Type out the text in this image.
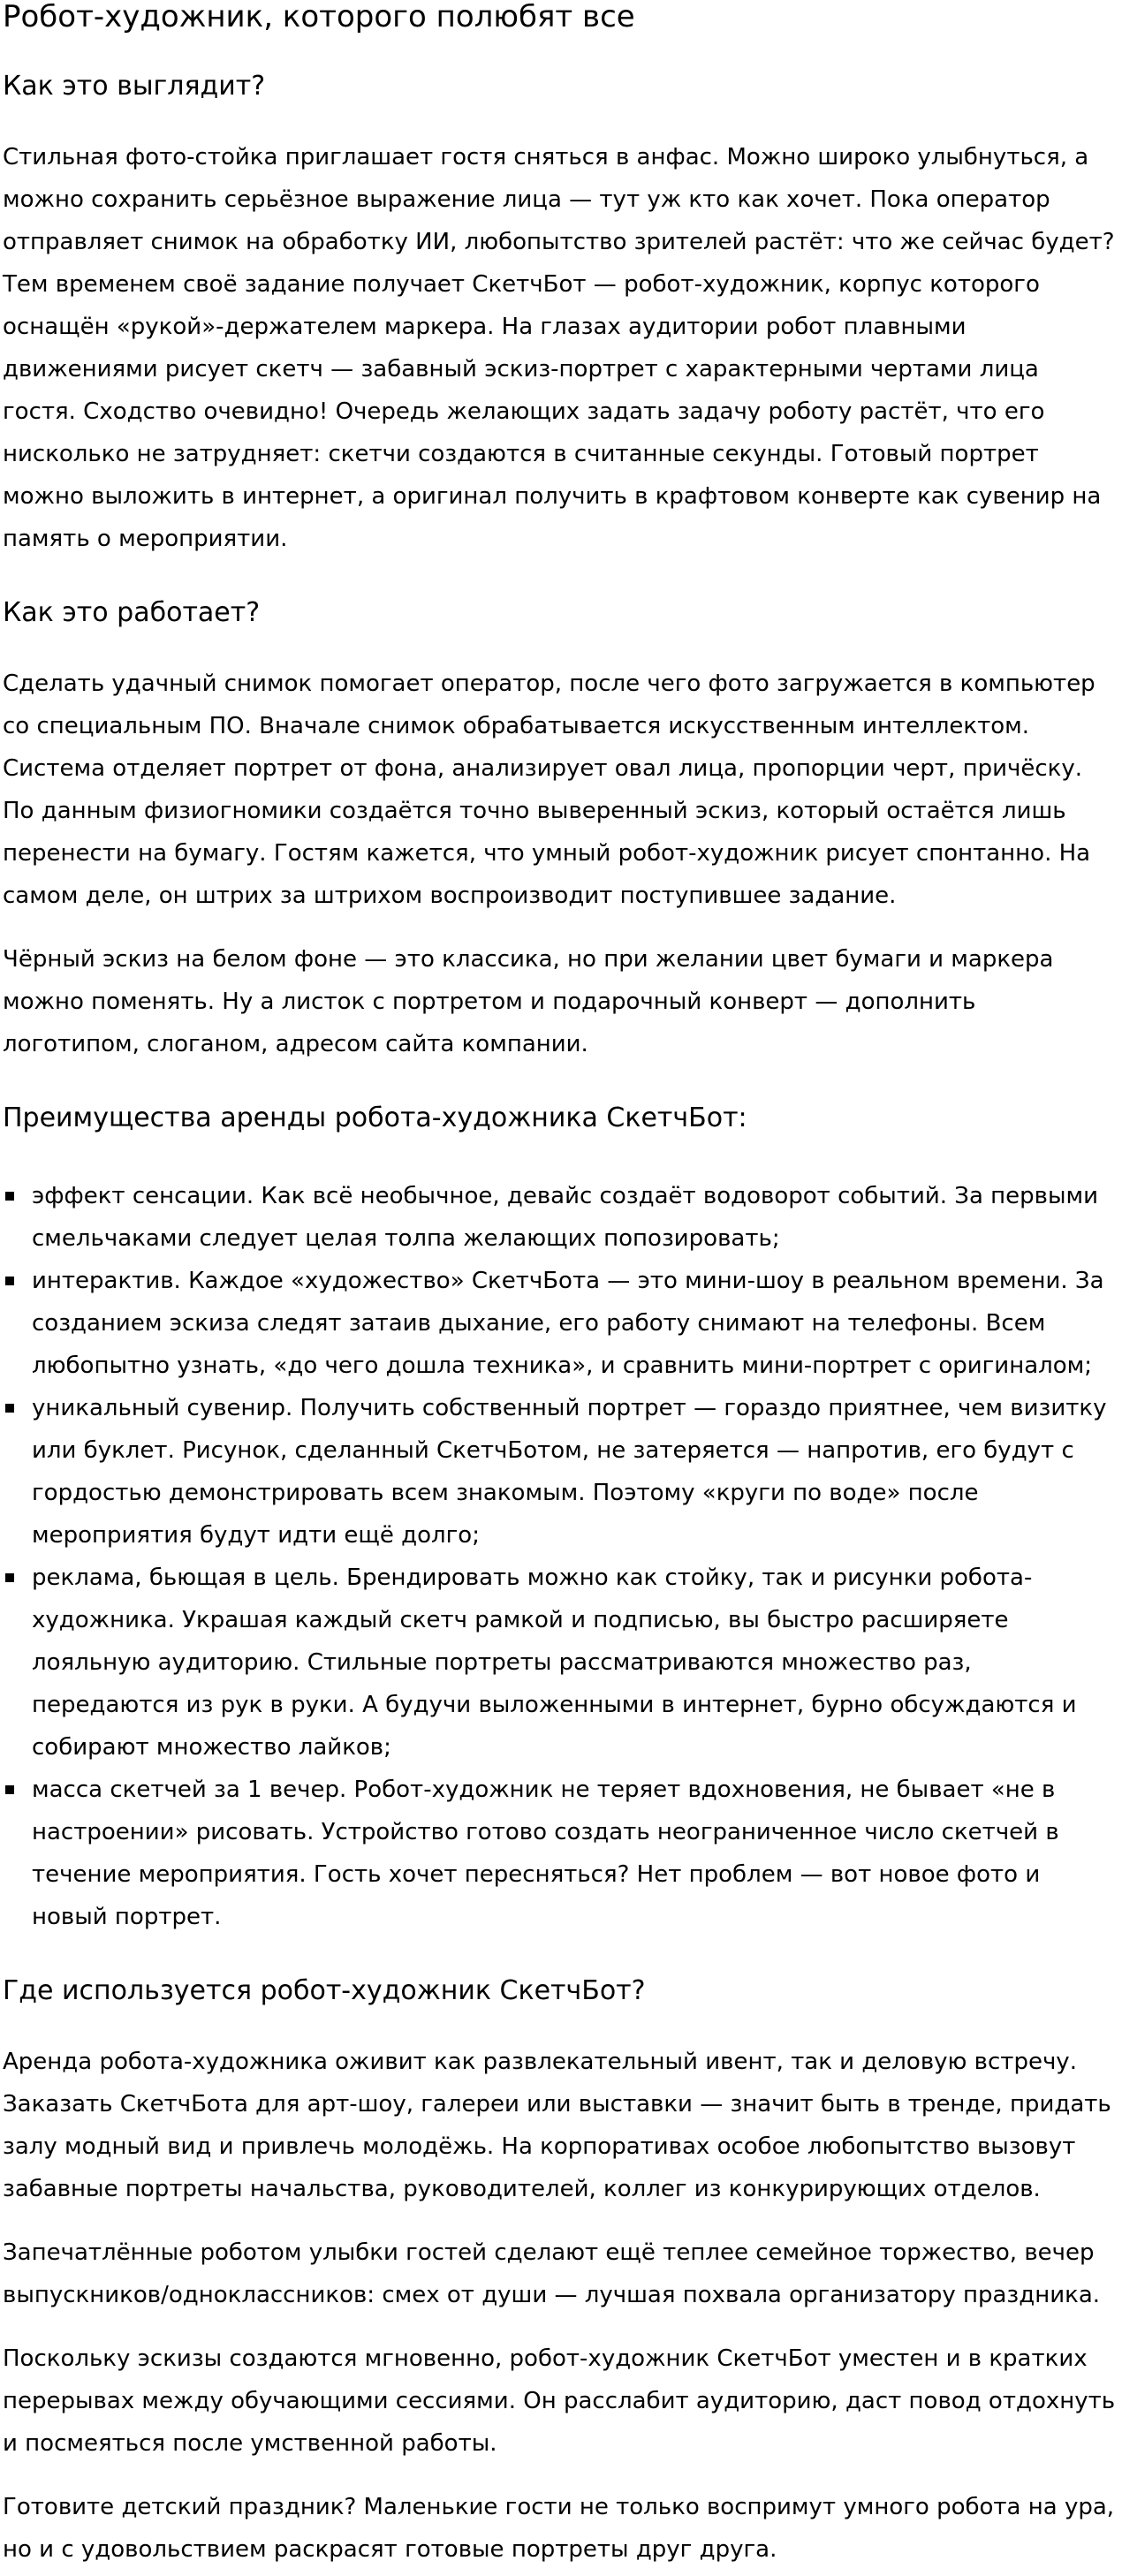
Робот-художник, которого полюбят все
Как это выглядит?

Стильная фото-стойка приглашает гостя сняться в анфас. Можно широко улыбнуться, а можно сохранить серьёзное выражение лица — тут уж кто как хочет. Пока оператор отправляет снимок на обработку ИИ, любопытство зрителей растёт: что же сейчас будет? Тем временем своё задание получает СкетчБот — робот-художник, корпус которого оснащён «рукой»-держателем маркера. На глазах аудитории робот плавными движениями рисует скетч — забавный эскиз-портрет с характерными чертами лица гостя. Сходство очевидно! Очередь желающих задать задачу роботу растёт, что его нисколько не затрудняет: скетчи создаются в считанные секунды. Готовый портрет можно выложить в интернет, а оригинал получить в крафтовом конверте как сувенир на память о мероприятии.

Как это работает?

Сделать удачный снимок помогает оператор, после чего фото загружается в компьютер со специальным ПО. Вначале снимок обрабатывается искусственным интеллектом. Система отделяет портрет от фона, анализирует овал лица, пропорции черт, причёску. По данным физиогномики создаётся точно выверенный эскиз, который остаётся лишь перенести на бумагу. Гостям кажется, что умный робот-художник рисует спонтанно. На самом деле, он штрих за штрихом воспроизводит поступившее задание.

Чёрный эскиз на белом фоне — это классика, но при желании цвет бумаги и маркера можно поменять. Ну а листок с портретом и подарочный конверт — дополнить логотипом, слоганом, адресом сайта компании.

Преимущества аренды робота-художника СкетчБот:
эффект сенсации. Как всё необычное, девайс создаёт водоворот событий. За первыми смельчаками следует целая толпа желающих попозировать;
интерактив. Каждое «художество» СкетчБота — это мини-шоу в реальном времени. За созданием эскиза следят затаив дыхание, его работу снимают на телефоны. Всем любопытно узнать, «до чего дошла техника», и сравнить мини-портрет с оригиналом;
уникальный сувенир. Получить собственный портрет — гораздо приятнее, чем визитку или буклет. Рисунок, сделанный СкетчБотом, не затеряется — напротив, его будут с гордостью демонстрировать всем знакомым. Поэтому «круги по воде» после мероприятия будут идти ещё долго;
реклама, бьющая в цель. Брендировать можно как стойку, так и рисунки робота-художника. Украшая каждый скетч рамкой и подписью, вы быстро расширяете лояльную аудиторию. Стильные портреты рассматриваются множество раз, передаются из рук в руки. А будучи выложенными в интернет, бурно обсуждаются и собирают множество лайков;
масса скетчей за 1 вечер. Робот-художник не теряет вдохновения, не бывает «не в настроении» рисовать. Устройство готово создать неограниченное число скетчей в течение мероприятия. Гость хочет пересняться? Нет проблем — вот новое фото и новый портрет.
Где используется робот-художник СкетчБот?

Аренда робота-художника оживит как развлекательный ивент, так и деловую встречу. Заказать СкетчБота для арт-шоу, галереи или выставки — значит быть в тренде, придать залу модный вид и привлечь молодёжь. На корпоративах особое любопытство вызовут забавные портреты начальства, руководителей, коллег из конкурирующих отделов.

Запечатлённые роботом улыбки гостей сделают ещё теплее семейное торжество, вечер выпускников/одноклассников: смех от души — лучшая похвала организатору праздника.

Поскольку эскизы создаются мгновенно, робот-художник СкетчБот уместен и в кратких перерывах между обучающими сессиями. Он расслабит аудиторию, даст повод отдохнуть и посмеяться после умственной работы.

Готовите детский праздник? Маленькие гости не только воспримут умного робота на ура, но и с удовольствием раскрасят готовые портреты друг друга.
